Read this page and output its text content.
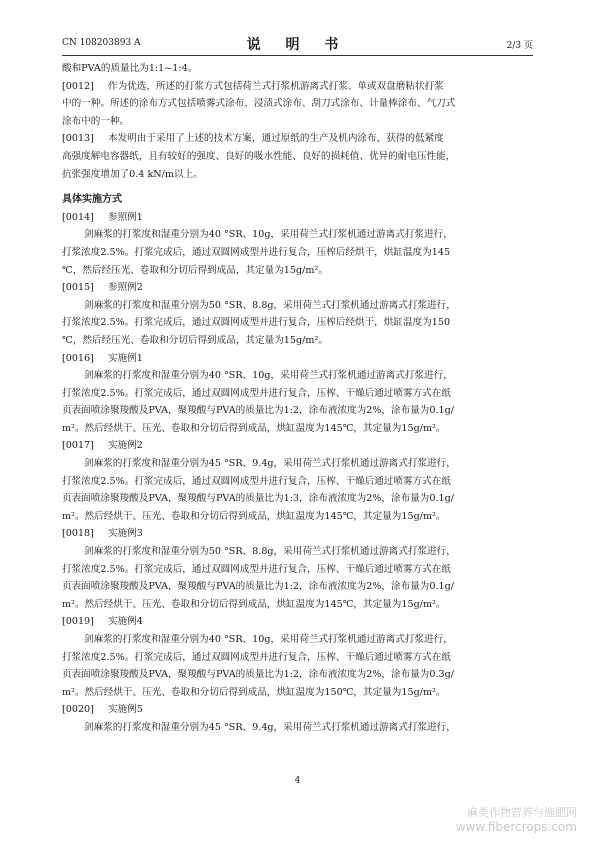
CN 108203893 A	说 明 书	2/3 页
酸和PVA的质量比为1:1~1:4。
[0012] 作为优选，所述的打浆方式包括荷兰式打浆机游离式打浆、单或双盘磨粘状打浆
中的一种。所述的涂布方式包括喷雾式涂布、浸渍式涂布、刮刀式涂布、计量棒涂布、气刀式
涂布中的一种。
[0013] 本发明由于采用了上述的技术方案，通过原纸的生产及机内涂布，获得的低紧度
高强度解电容器纸，且有较好的强度、良好的吸水性能、良好的损耗值、优异的耐电压性能，
抗张强度增加了0.4 kN/m以上。
具体实施方式
[0014] 参照例1
剑麻浆的打浆度和湿重分别为40 °SR、10g，采用荷兰式打浆机通过游离式打浆进行，
打浆浓度2.5%。打浆完成后，通过双圆网成型并进行复合，压榨后经烘干，烘缸温度为145
℃，然后经压光、卷取和分切后得到成品，其定量为15g/m²。
[0015] 参照例2
剑麻浆的打浆度和湿重分别为50 °SR、8.8g，采用荷兰式打浆机通过游离式打浆进行，
打浆浓度2.5%。打浆完成后，通过双圆网成型并进行复合，压榨后经烘干，烘缸温度为150
℃，然后经压光、卷取和分切后得到成品，其定量为15g/m²。
[0016] 实施例1
剑麻浆的打浆度和湿重分别为40 °SR、10g，采用荷兰式打浆机通过游离式打浆进行，
打浆浓度2.5%。打浆完成后，通过双圆网成型并进行复合，压榨、干燥后通过喷雾方式在纸
页表面喷涂聚羧酸及PVA，聚羧酸与PVA的质量比为1:2，涂布液浓度为2%，涂布量为0.1g/
m²。然后经烘干、压光、卷取和分切后得到成品，烘缸温度为145℃，其定量为15g/m²。
[0017] 实施例2
剑麻浆的打浆度和湿重分别为45 °SR、9.4g，采用荷兰式打浆机通过游离式打浆进行，
打浆浓度2.5%。打浆完成后，通过双圆网成型并进行复合，压榨、干燥后通过喷雾方式在纸
页表面喷涂聚羧酸及PVA，聚羧酸与PVA的质量比为1:3，涂布液浓度为2%，涂布量为0.1g/
m²。然后经烘干、压光、卷取和分切后得到成品，烘缸温度为145℃，其定量为15g/m²。
[0018] 实施例3
剑麻浆的打浆度和湿重分别为50 °SR、8.8g，采用荷兰式打浆机通过游离式打浆进行，
打浆浓度2.5%。打浆完成后，通过双圆网成型并进行复合，压榨、干燥后通过喷雾方式在纸
页表面喷涂聚羧酸及PVA，聚羧酸与PVA的质量比为1:2，涂布液浓度为2%，涂布量为0.1g/
m²。然后经烘干、压光、卷取和分切后得到成品，烘缸温度为145℃，其定量为15g/m²。
[0019] 实施例4
剑麻浆的打浆度和湿重分别为40 °SR、10g，采用荷兰式打浆机通过游离式打浆进行，
打浆浓度2.5%。打浆完成后，通过双圆网成型并进行复合，压榨、干燥后通过喷雾方式在纸
页表面喷涂聚羧酸及PVA，聚羧酸与PVA的质量比为1:2，涂布液浓度为2%，涂布量为0.3g/
m²。然后经烘干、压光、卷取和分切后得到成品，烘缸温度为150℃，其定量为15g/m²。
[0020] 实施例5
剑麻浆的打浆度和湿重分别为45 °SR、9.4g，采用荷兰式打浆机通过游离式打浆进行，
4
麻类作物营养与施肥网
www.fibercrops.com
